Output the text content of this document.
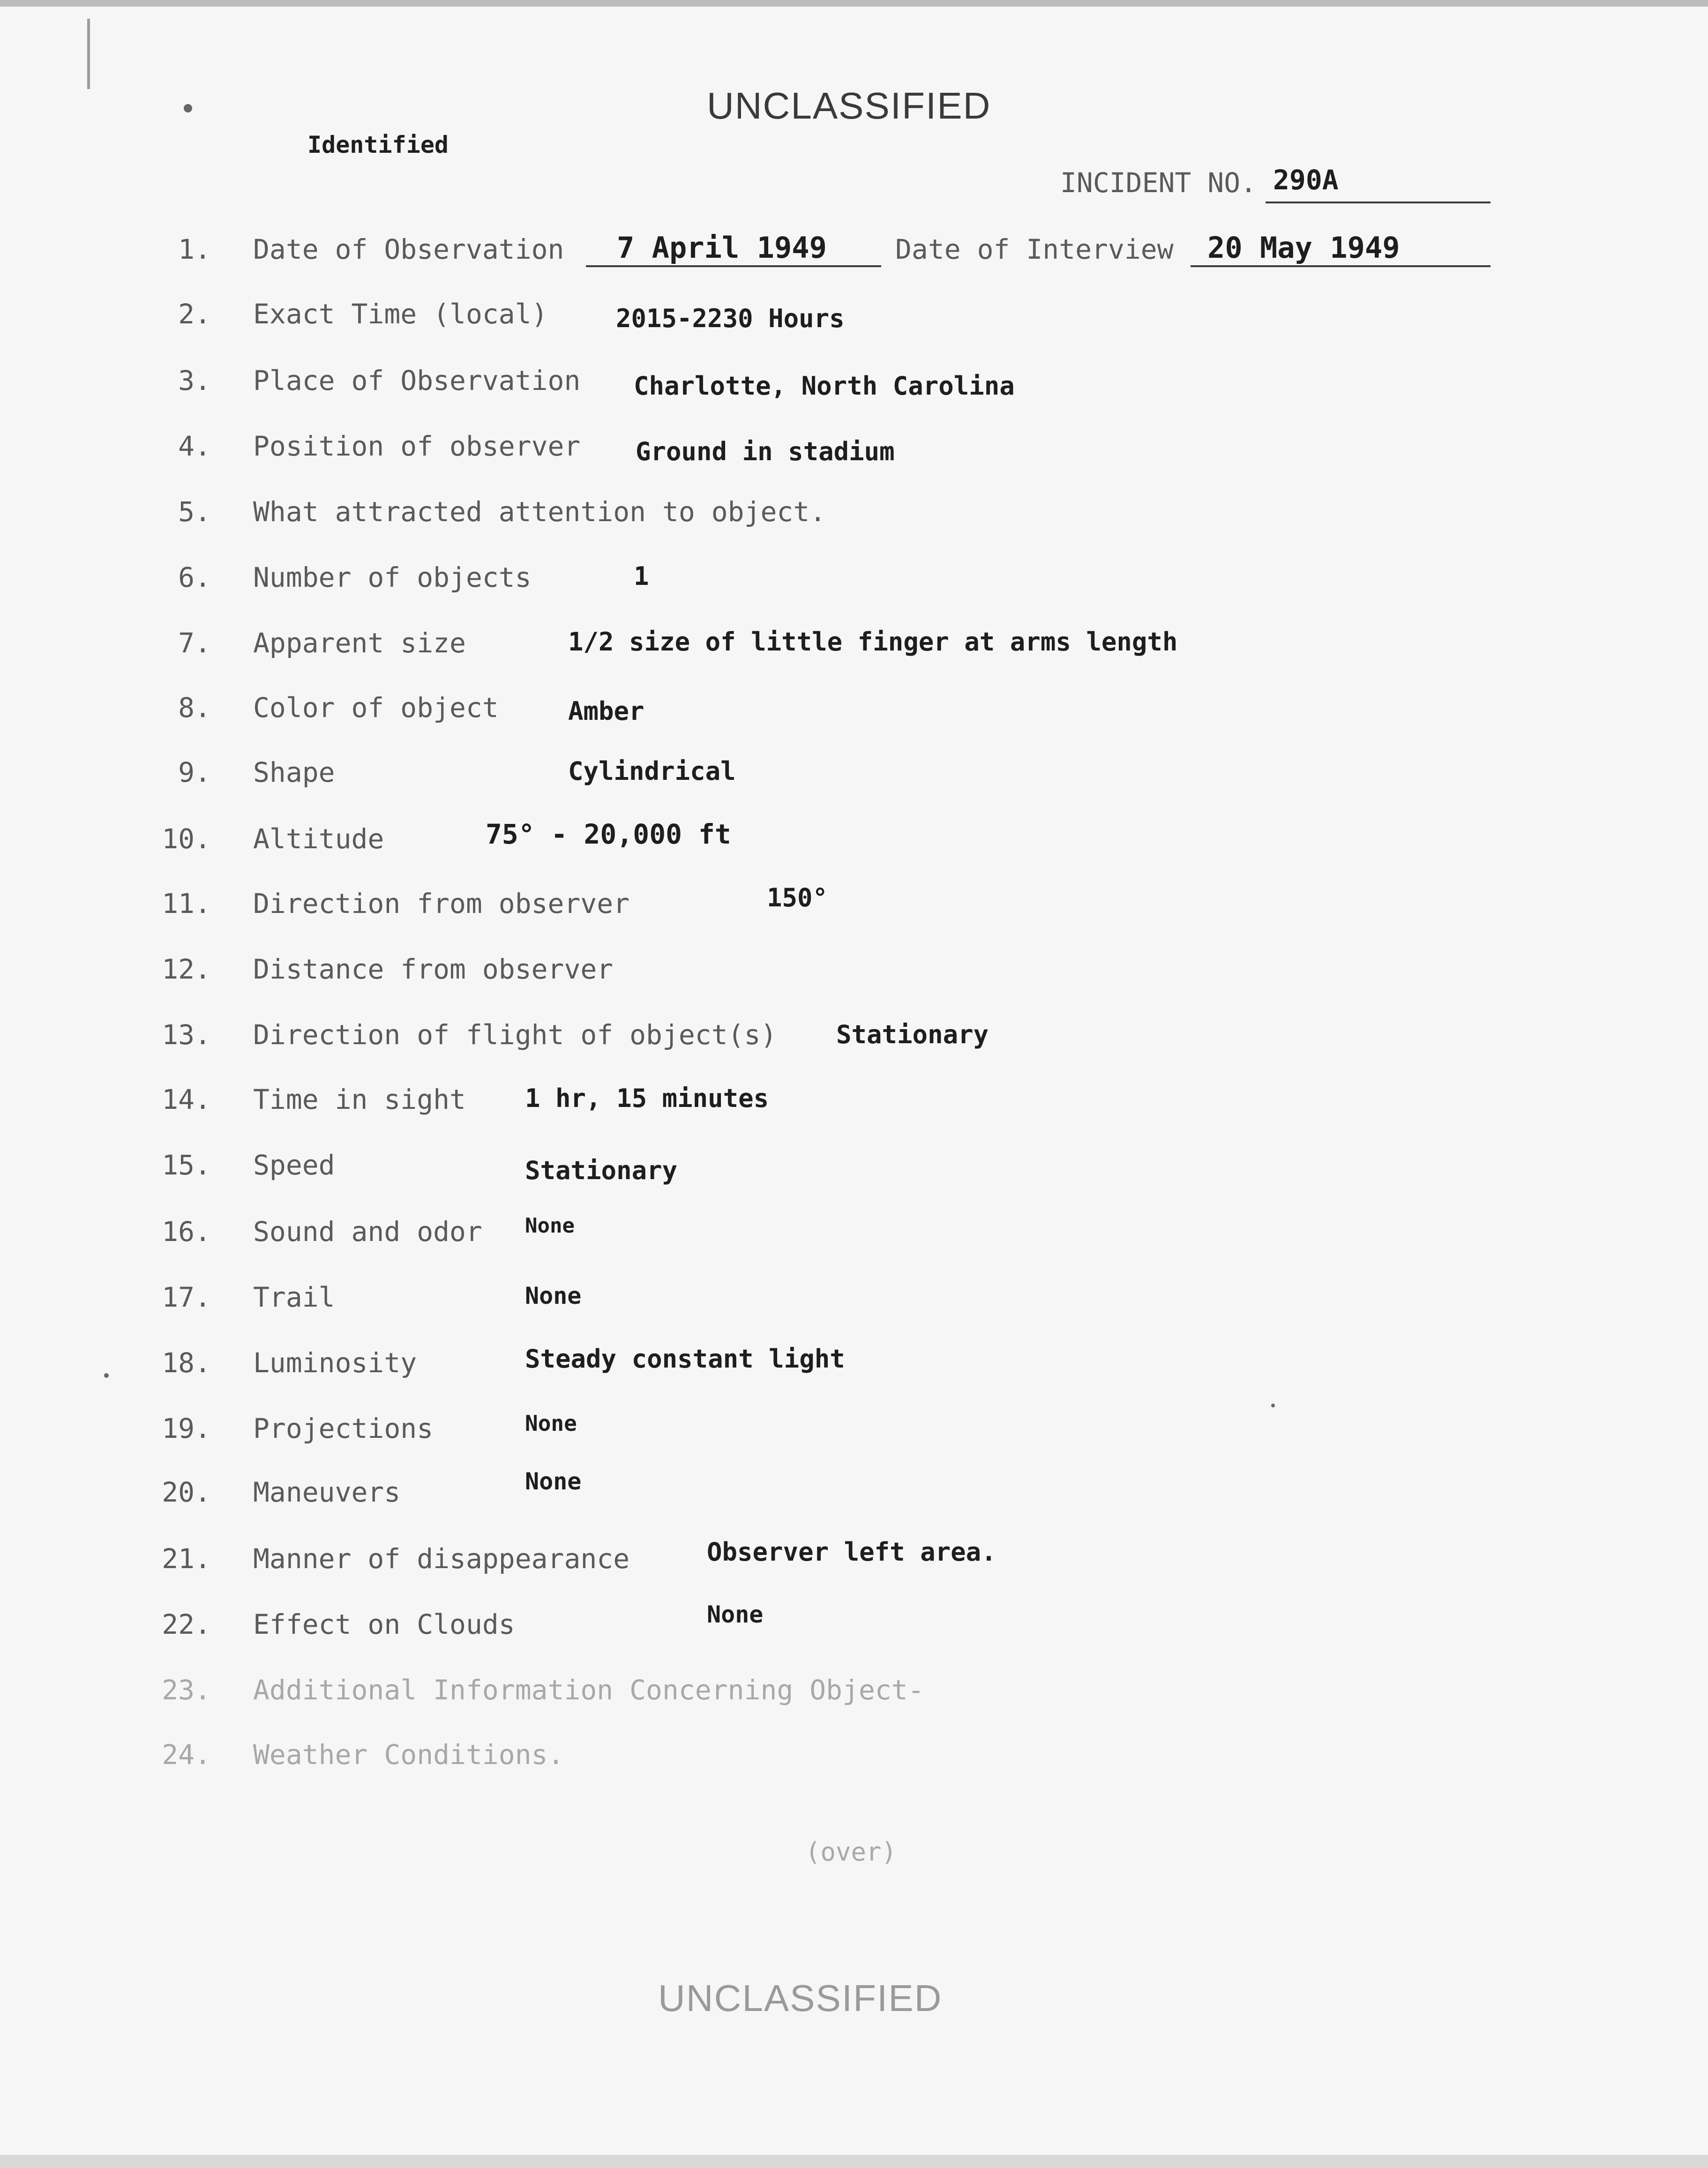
UNCLASSIFIED
Identified
INCIDENT NO. 290A
1. Date of Observation 7 April 1949	Date of Interview 20 May 1949
2. Exact Time (local)	2015-2230 Hours
3. Place of Observation Charlotte, North Carolina
4. Position of observer Ground in stadium
5. What attracted attention to object.
6. Number of objects	1
7. Apparent size	1/2 size of little finger at arms length
8. Color of object	Amber
9. Shape	Cylindrical
10. Altitude	75° - 20,000 ft
11. Direction from observer	150°
12. Distance from observer
13. Direction of flight of object(s) Stationary
14. Time in sight 1 hr, 15 minutes
15. Speed	Stationary
16. Sound and odor None
17. Trail	None
18. Luminosity	Steady constant light
19. Projections	None
20. Maneuvers	None
21. Manner of disappearance	Observer left area.
22. Effect on Clouds	None
23. Additional Information Concerning Object-
24. Weather Conditions.
(over)
UNCLASSIFIED
